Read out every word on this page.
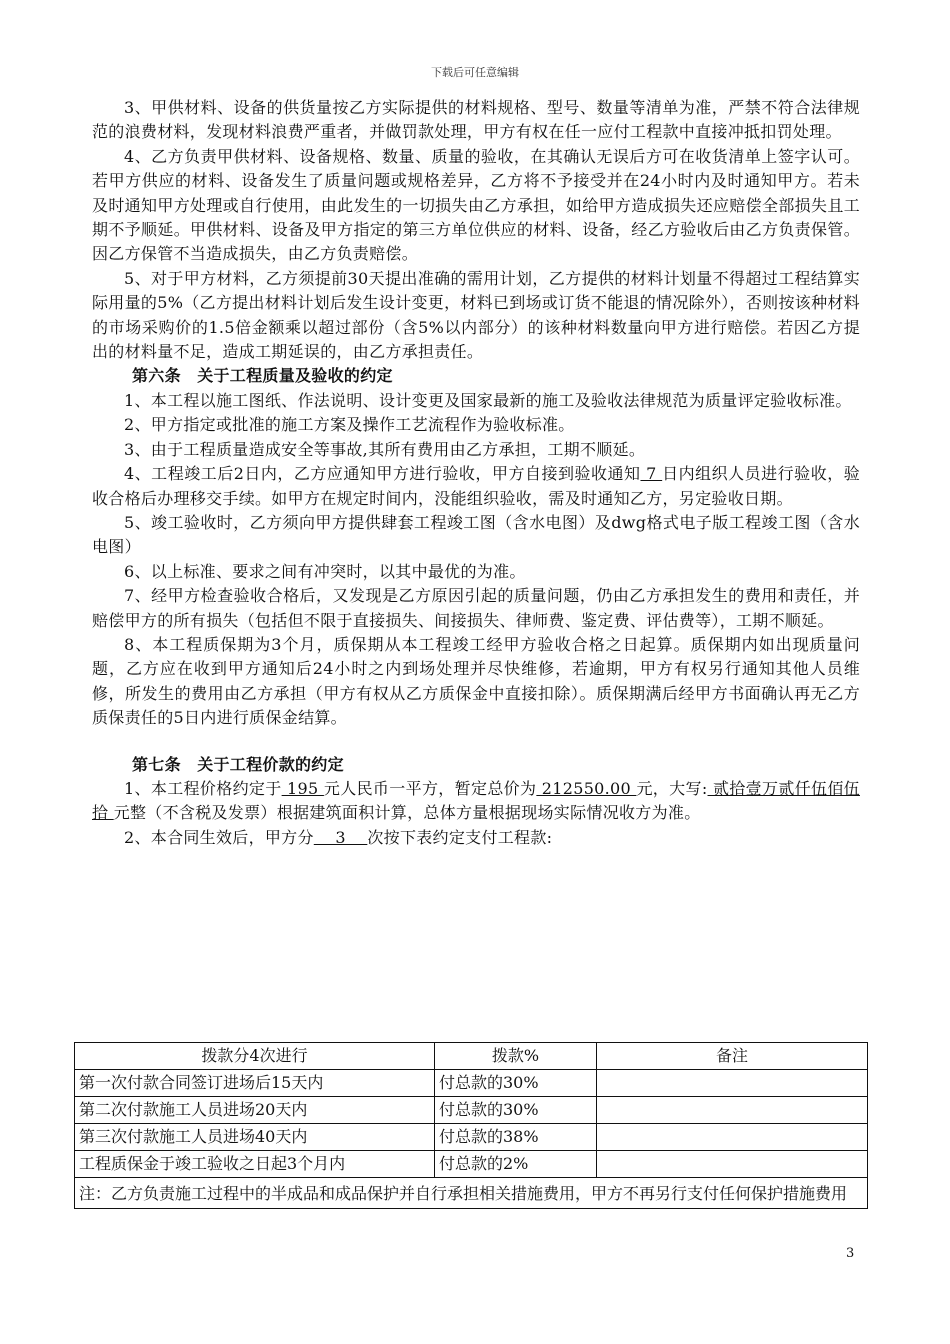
下载后可任意编辑

3、甲供材料、设备的供货量按乙方实际提供的材料规格、型号、数量等清单为准，严禁不符合法律规范的浪费材料，发现材料浪费严重者，并做罚款处理，甲方有权在任一应付工程款中直接冲抵扣罚处理。

4、乙方负责甲供材料、设备规格、数量、质量的验收，在其确认无误后方可在收货清单上签字认可。若甲方供应的材料、设备发生了质量问题或规格差异，乙方将不予接受并在24小时内及时通知甲方。若未及时通知甲方处理或自行使用，由此发生的一切损失由乙方承担，如给甲方造成损失还应赔偿全部损失且工期不予顺延。甲供材料、设备及甲方指定的第三方单位供应的材料、设备，经乙方验收后由乙方负责保管。因乙方保管不当造成损失，由乙方负责赔偿。

5、对于甲方材料，乙方须提前30天提出准确的需用计划，乙方提供的材料计划量不得超过工程结算实际用量的5%（乙方提出材料计划后发生设计变更，材料已到场或订货不能退的情况除外），否则按该种材料的市场采购价的1.5倍金额乘以超过部份（含5%以内部分）的该种材料数量向甲方进行赔偿。若因乙方提出的材料量不足，造成工期延误的，由乙方承担责任。

第六条　关于工程质量及验收的约定

1、本工程以施工图纸、作法说明、设计变更及国家最新的施工及验收法律规范为质量评定验收标准。

2、甲方指定或批准的施工方案及操作工艺流程作为验收标准。

3、由于工程质量造成安全等事故,其所有费用由乙方承担，工期不顺延。

4、工程竣工后2日内，乙方应通知甲方进行验收，甲方自接到验收通知 7 日内组织人员进行验收，验收合格后办理移交手续。如甲方在规定时间内，没能组织验收，需及时通知乙方，另定验收日期。

5、竣工验收时，乙方须向甲方提供肆套工程竣工图（含水电图）及dwg格式电子版工程竣工图（含水电图）

6、以上标准、要求之间有冲突时，以其中最优的为准。

7、经甲方检查验收合格后，又发现是乙方原因引起的质量问题，仍由乙方承担发生的费用和责任，并赔偿甲方的所有损失（包括但不限于直接损失、间接损失、律师费、鉴定费、评估费等），工期不顺延。

8、本工程质保期为3个月，质保期从本工程竣工经甲方验收合格之日起算。质保期内如出现质量问题，乙方应在收到甲方通知后24小时之内到场处理并尽快维修，若逾期，甲方有权另行通知其他人员维修，所发生的费用由乙方承担（甲方有权从乙方质保金中直接扣除）。质保期满后经甲方书面确认再无乙方质保责任的5日内进行质保金结算。

第七条　关于工程价款的约定

1、本工程价格约定于 195 元人民币一平方，暂定总价为 212550.00 元，大写: 贰拾壹万贰仟伍佰伍拾 元整（不含税及发票）根据建筑面积计算，总体方量根据现场实际情况收方为准。

2、本合同生效后，甲方分    3    次按下表约定支付工程款:

拨款分4次进行	拨款%	备注
第一次付款合同签订进场后15天内	付总款的30%	
第二次付款施工人员进场20天内	付总款的30%	
第三次付款施工人员进场40天内	付总款的38%	
工程质保金于竣工验收之日起3个月内	付总款的2%	
注：乙方负责施工过程中的半成品和成品保护并自行承担相关措施费用，甲方不再另行支付任何保护措施费用		
3
